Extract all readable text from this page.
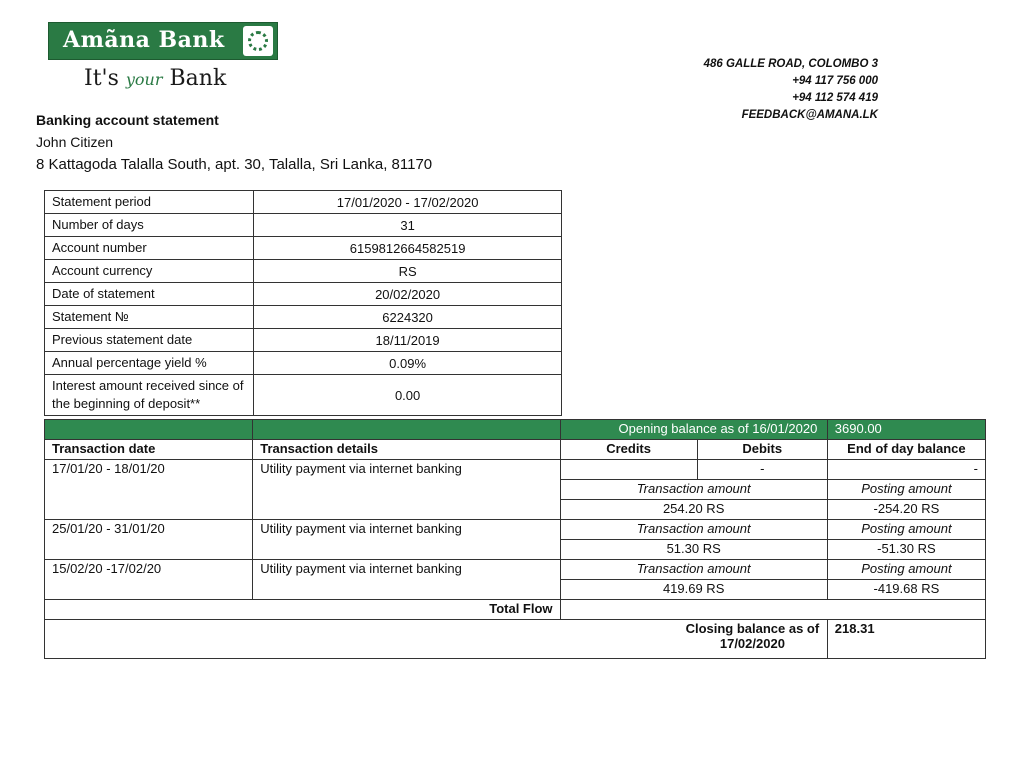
Amãna Bank
It's your Bank
486 GALLE ROAD, COLOMBO 3
+94 117 756 000
+94 112 574 419
FEEDBACK@AMANA.LK
Banking account statement
John Citizen
8 Kattagoda Talalla South, apt. 30, Talalla, Sri Lanka, 81170
Statement period	17/01/2020 - 17/02/2020
Number of days	31
Account number	6159812664582519
Account currency	RS
Date of statement	20/02/2020
Statement №	6224320
Previous statement date	18/11/2019
Annual percentage yield %	0.09%
Interest amount received since of the beginning of deposit**	0.00
		Opening balance as of 16/01/2020		3690.00
Transaction date	Transaction details	Credits	Debits	End of day balance
17/01/20 - 18/01/20	Utility payment via internet banking		-	-
		Transaction amount		Posting amount
		254.20 RS		-254.20 RS
25/01/20 - 31/01/20	Utility payment via internet banking	Transaction amount		Posting amount
		51.30 RS		-51.30 RS
15/02/20 -17/02/20	Utility payment via internet banking	Transaction amount		Posting amount
		419.69 RS		-419.68 RS
Total Flow				
Closing balance as of 17/02/2020				218.31
